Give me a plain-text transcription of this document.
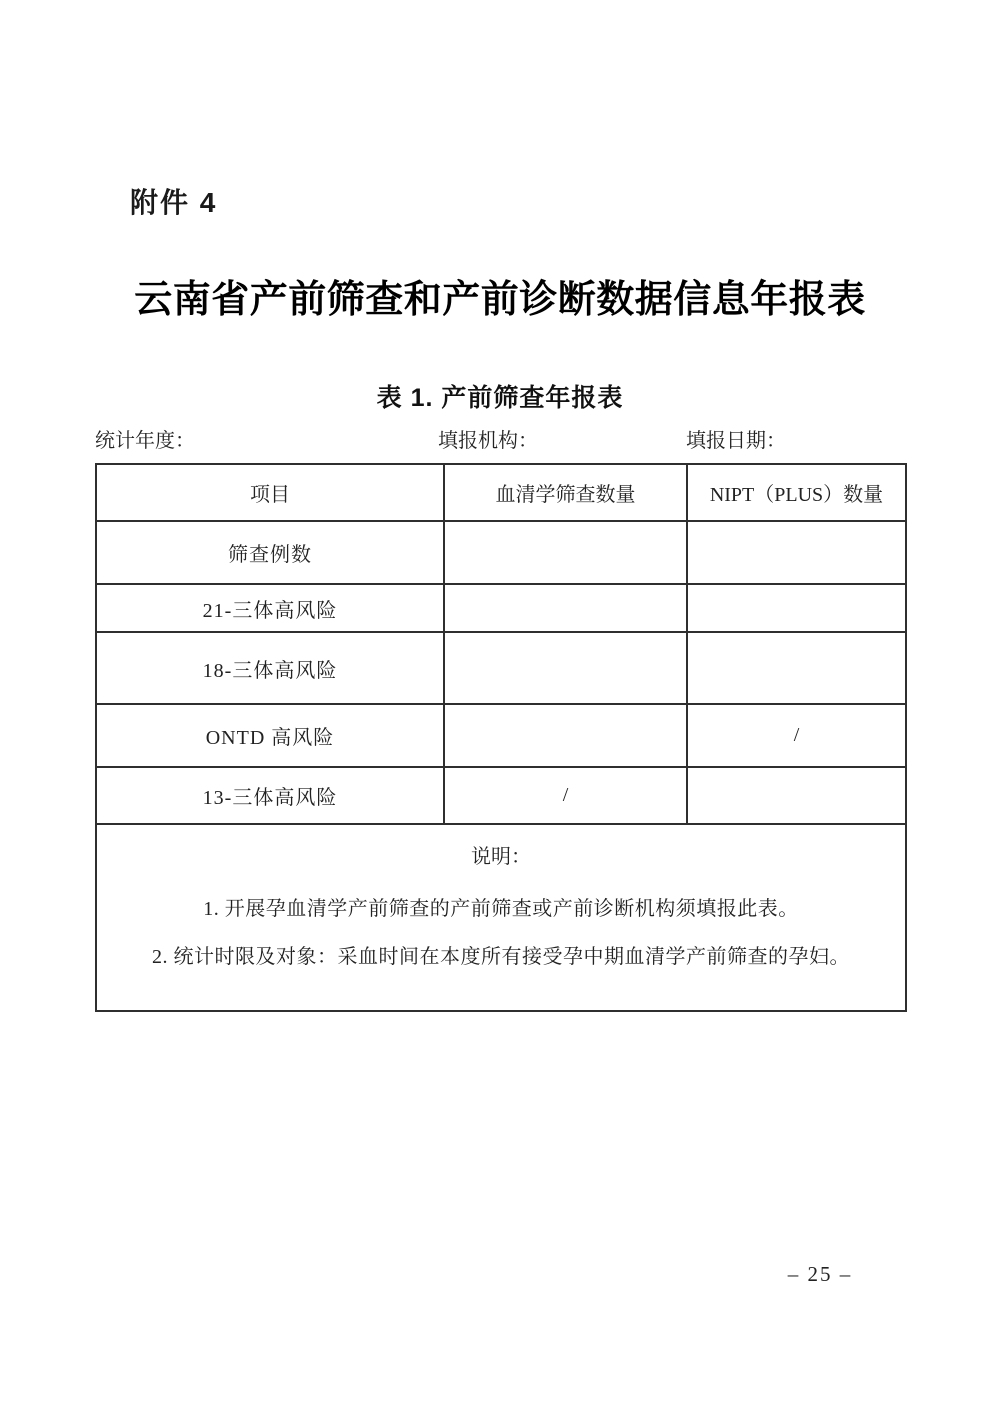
附件 4
云南省产前筛查和产前诊断数据信息年报表
表 1. 产前筛查年报表
统计年度：	填报机构：	填报日期：
项目	血清学筛查数量	NIPT（PLUS）数量
筛查例数		
21-三体高风险		
18-三体高风险		
ONTD 高风险		/
13-三体高风险	/	

说明：
1. 开展孕血清学产前筛查的产前筛查或产前诊断机构须填报此表。
2. 统计时限及对象：采血时间在本度所有接受孕中期血清学产前筛查的孕妇。		
– 25 –
